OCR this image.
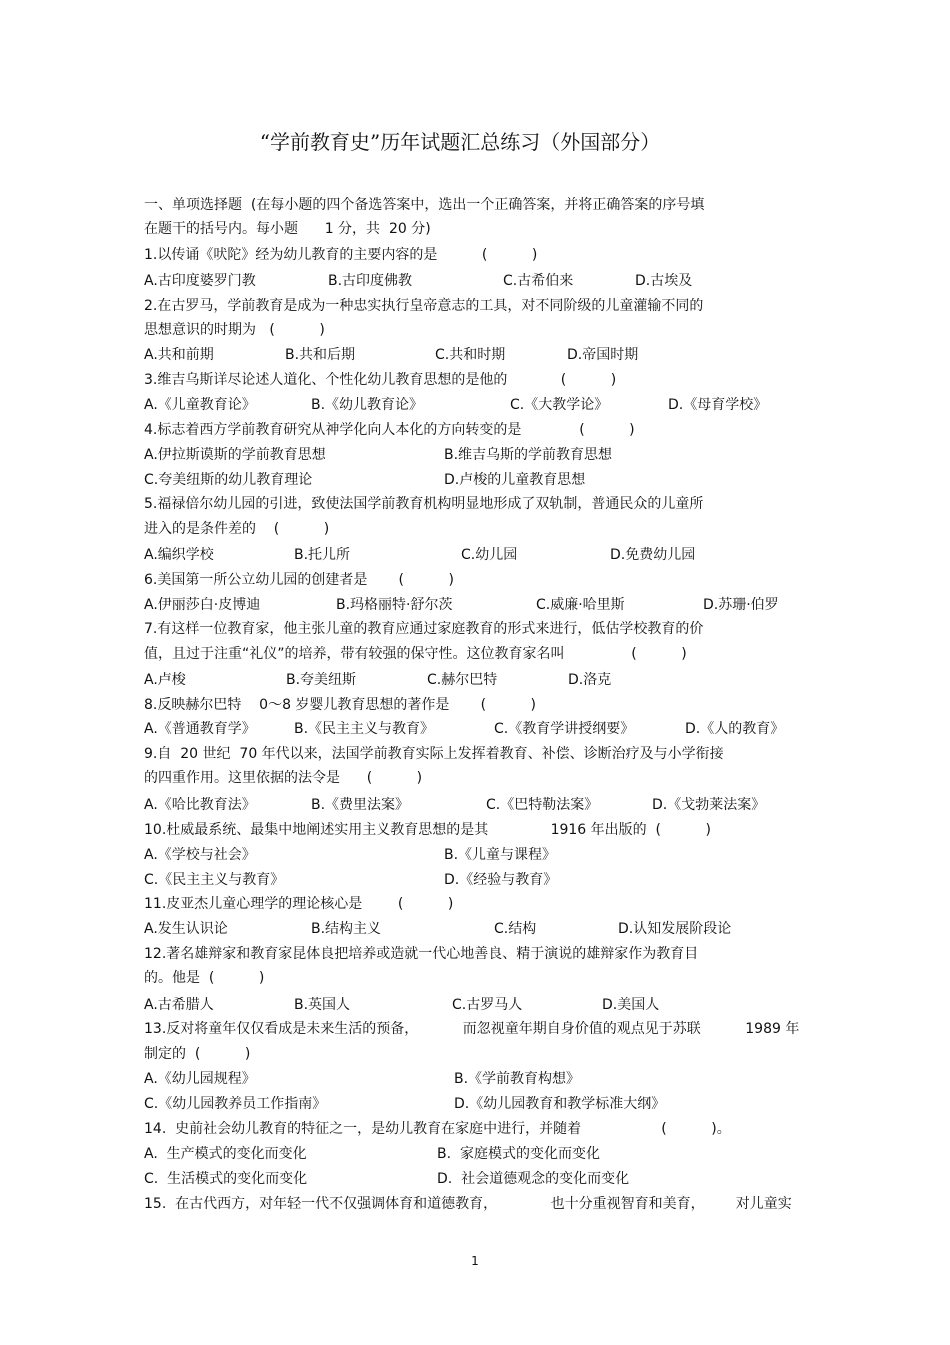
“学前教育史”历年试题汇总练习（外国部分）
一、单项选择题  (在每小题的四个备选答案中，选出一个正确答案，并将正确答案的序号填
在题干的括号内。每小题      1 分，共  20 分)
1.以传诵《吠陀》经为幼儿教育的主要内容的是          (          )
A.古印度婆罗门教	B.古印度佛教	C.古希伯来	D.古埃及
2.在古罗马，学前教育是成为一种忠实执行皇帝意志的工具，对不同阶级的儿童灌输不同的
思想意识的时期为   (          )
A.共和前期	B.共和后期	C.共和时期	D.帝国时期
3.维吉乌斯详尽论述人道化、个性化幼儿教育思想的是他的            (          )
A.《儿童教育论》	B.《幼儿教育论》	C.《大教学论》	D.《母育学校》
4.标志着西方学前教育研究从神学化向人本化的方向转变的是             (          )
A.伊拉斯谟斯的学前教育思想	B.维吉乌斯的学前教育思想
C.夸美纽斯的幼儿教育理论	D.卢梭的儿童教育思想
5.福禄倍尔幼儿园的引进，致使法国学前教育机构明显地形成了双轨制，普通民众的儿童所
进入的是条件差的    (          )
A.编织学校	B.托儿所	C.幼儿园	D.免费幼儿园
6.美国第一所公立幼儿园的创建者是       (          )
A.伊丽莎白·皮博迪	B.玛格丽特·舒尔茨	C.威廉·哈里斯	D.苏珊·伯罗
7.有这样一位教育家，他主张儿童的教育应通过家庭教育的形式来进行，低估学校教育的价
值，且过于注重“礼仪”的培养，带有较强的保守性。这位教育家名叫               (          )
A.卢梭	B.夸美纽斯	C.赫尔巴特	D.洛克
8.反映赫尔巴特    0～8 岁婴儿教育思想的著作是       (          )
A.《普通教育学》	B.《民主主义与教育》	C.《教育学讲授纲要》	D.《人的教育》
9.自  20 世纪  70 年代以来，法国学前教育实际上发挥着教育、补偿、诊断治疗及与小学衔接
的四重作用。这里依据的法令是      (          )
A.《哈比教育法》	B.《费里法案》	C.《巴特勒法案》	D.《戈勃莱法案》
10.杜威最系统、最集中地阐述实用主义教育思想的是其              1916 年出版的  (          )
A.《学校与社会》	B.《儿童与课程》
C.《民主主义与教育》	D.《经验与教育》
11.皮亚杰儿童心理学的理论核心是        (          )
A.发生认识论	B.结构主义	C.结构	D.认知发展阶段论
12.著名雄辩家和教育家昆体良把培养或造就一代心地善良、精于演说的雄辩家作为教育目
的。他是  (          )
A.古希腊人	B.英国人	C.古罗马人	D.美国人
13.反对将童年仅仅看成是未来生活的预备，          而忽视童年期自身价值的观点见于苏联          1989 年
制定的  (          )
A.《幼儿园规程》	B.《学前教育构想》
C.《幼儿园教养员工作指南》	D.《幼儿园教育和教学标准大纲》
14.  史前社会幼儿教育的特征之一，是幼儿教育在家庭中进行，并随着                  (          )。
A.  生产模式的变化而变化	B.  家庭模式的变化而变化
C.  生活模式的变化而变化	D.  社会道德观念的变化而变化
15.  在古代西方，对年轻一代不仅强调体育和道德教育，            也十分重视智育和美育，       对儿童实
1
